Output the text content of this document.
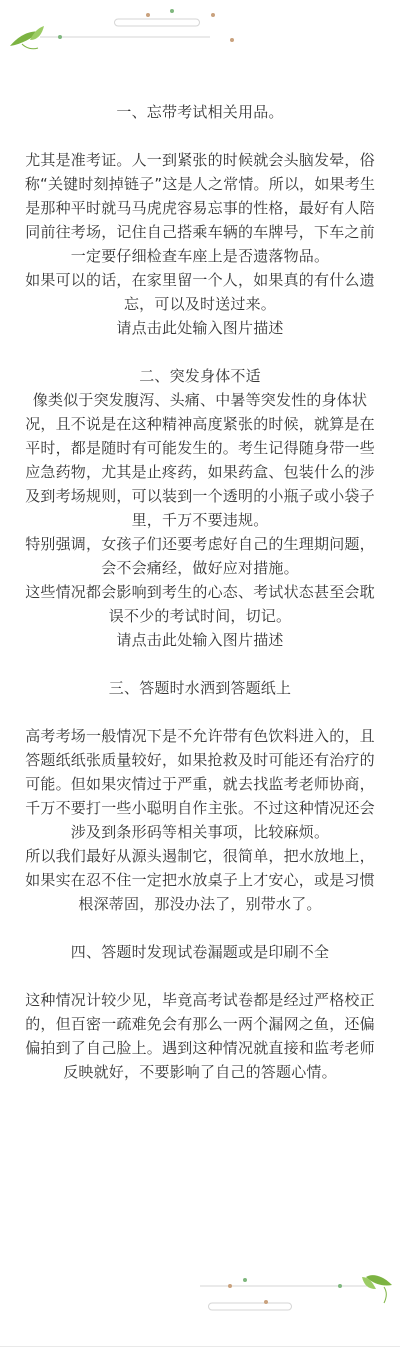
一、忘带考试相关用品。

尤其是准考证。人一到紧张的时候就会头脑发晕，俗称“关键时刻掉链子”这是人之常情。所以，如果考生是那种平时就马马虎虎容易忘事的性格，最好有人陪同前往考场，记住自己搭乘车辆的车牌号，下车之前一定要仔细检查车座上是否遗落物品。

如果可以的话，在家里留一个人，如果真的有什么遗忘，可以及时送过来。

请点击此处输入图片描述

二、突发身体不适

像类似于突发腹泻、头痛、中暑等突发性的身体状况，且不说是在这种精神高度紧张的时候，就算是在平时，都是随时有可能发生的。考生记得随身带一些应急药物，尤其是止疼药，如果药盒、包装什么的涉及到考场规则，可以装到一个透明的小瓶子或小袋子里，千万不要违规。

特别强调，女孩子们还要考虑好自己的生理期问题，会不会痛经，做好应对措施。

这些情况都会影响到考生的心态、考试状态甚至会耽误不少的考试时间，切记。

请点击此处输入图片描述

三、答题时水洒到答题纸上

高考考场一般情况下是不允许带有色饮料进入的，且答题纸纸张质量较好，如果抢救及时可能还有治疗的可能。但如果灾情过于严重，就去找监考老师协商，千万不要打一些小聪明自作主张。不过这种情况还会涉及到条形码等相关事项，比较麻烦。

所以我们最好从源头遏制它，很简单，把水放地上，如果实在忍不住一定把水放桌子上才安心，或是习惯根深蒂固，那没办法了，别带水了。

四、答题时发现试卷漏题或是印刷不全

这种情况计较少见，毕竟高考试卷都是经过严格校正的，但百密一疏难免会有那么一两个漏网之鱼，还偏偏拍到了自己脸上。遇到这种情况就直接和监考老师反映就好，不要影响了自己的答题心情。
